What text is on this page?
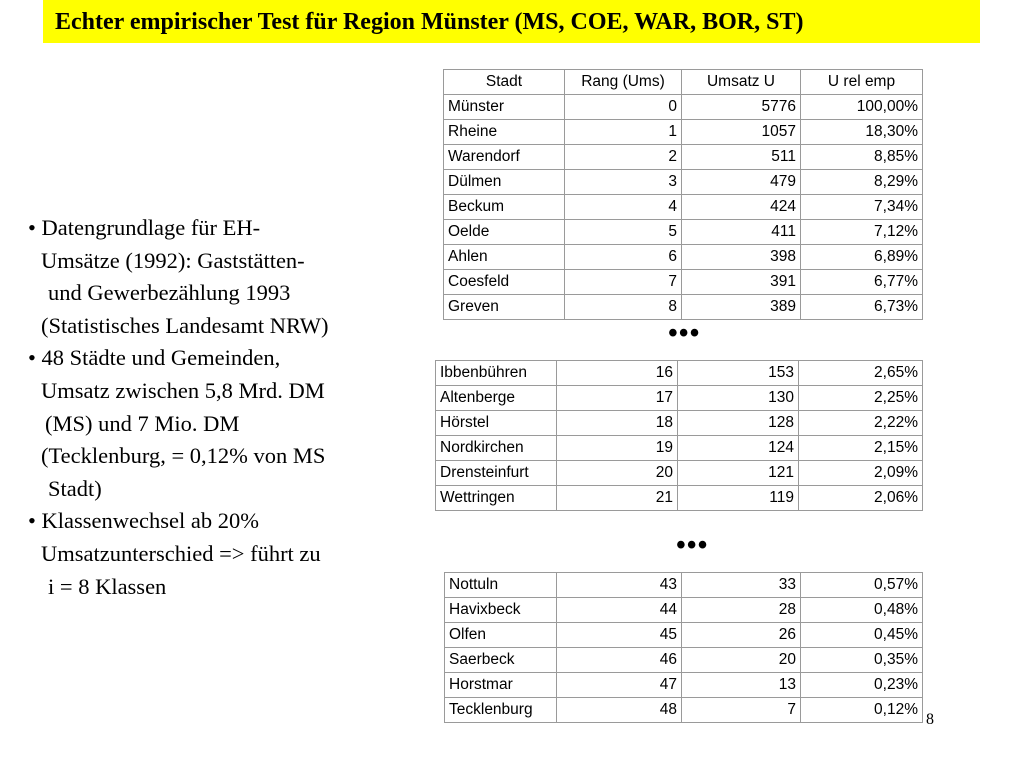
Echter empirischer Test für Region Münster (MS, COE, WAR, BOR, ST)
• Datengrundlage für EH-
Umsätze (1992): Gaststätten-
und Gewerbezählung 1993
(Statistisches Landesamt NRW)
• 48 Städte und Gemeinden,
Umsatz zwischen 5,8 Mrd. DM
(MS) und 7 Mio. DM
(Tecklenburg, = 0,12% von MS
Stadt)
• Klassenwechsel ab 20%
Umsatzunterschied => führt zu
i = 8 Klassen
Stadt	Rang (Ums)	Umsatz U	U rel emp
Münster	0	5776	100,00%
Rheine	1	1057	18,30%
Warendorf	2	511	8,85%
Dülmen	3	479	8,29%
Beckum	4	424	7,34%
Oelde	5	411	7,12%
Ahlen	6	398	6,89%
Coesfeld	7	391	6,77%
Greven	8	389	6,73%
•••
Ibbenbühren	16	153	2,65%
Altenberge	17	130	2,25%
Hörstel	18	128	2,22%
Nordkirchen	19	124	2,15%
Drensteinfurt	20	121	2,09%
Wettringen	21	119	2,06%
•••
Nottuln	43	33	0,57%
Havixbeck	44	28	0,48%
Olfen	45	26	0,45%
Saerbeck	46	20	0,35%
Horstmar	47	13	0,23%
Tecklenburg	48	7	0,12%
8
